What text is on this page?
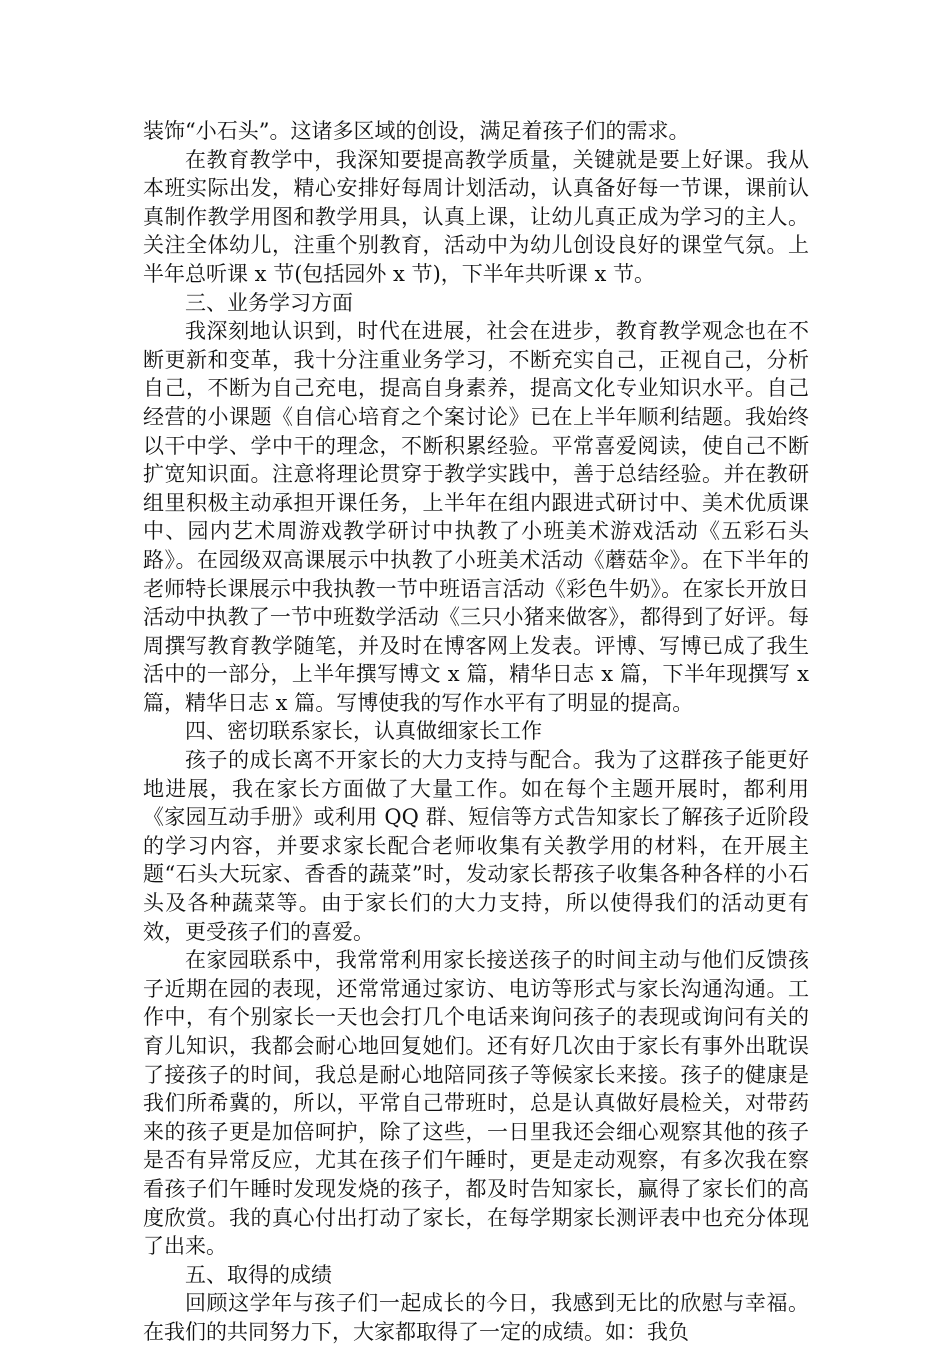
装饰“小石头”。这诸多区域的创设，满足着孩子们的需求。

在教育教学中，我深知要提高教学质量，关键就是要上好课。我从本班实际出发，精心安排好每周计划活动，认真备好每一节课，课前认真制作教学用图和教学用具，认真上课，让幼儿真正成为学习的主人。关注全体幼儿，注重个别教育，活动中为幼儿创设良好的课堂气氛。上半年总听课 x 节(包括园外 x 节)，下半年共听课 x 节。

三、业务学习方面

我深刻地认识到，时代在进展，社会在进步，教育教学观念也在不断更新和变革，我十分注重业务学习，不断充实自己，正视自己，分析自己，不断为自己充电，提高自身素养，提高文化专业知识水平。自己经营的小课题《自信心培育之个案讨论》已在上半年顺利结题。我始终以干中学、学中干的理念，不断积累经验。平常喜爱阅读，使自己不断扩宽知识面。注意将理论贯穿于教学实践中，善于总结经验。并在教研组里积极主动承担开课任务，上半年在组内跟进式研讨中、美术优质课中、园内艺术周游戏教学研讨中执教了小班美术游戏活动《五彩石头路》。在园级双高课展示中执教了小班美术活动《蘑菇伞》。在下半年的老师特长课展示中我执教一节中班语言活动《彩色牛奶》。在家长开放日活动中执教了一节中班数学活动《三只小猪来做客》，都得到了好评。每周撰写教育教学随笔，并及时在博客网上发表。评博、写博已成了我生活中的一部分，上半年撰写博文 x 篇，精华日志 x 篇，下半年现撰写 x 篇，精华日志 x 篇。写博使我的写作水平有了明显的提高。

四、密切联系家长，认真做细家长工作

孩子的成长离不开家长的大力支持与配合。我为了这群孩子能更好地进展，我在家长方面做了大量工作。如在每个主题开展时，都利用《家园互动手册》或利用 QQ 群、短信等方式告知家长了解孩子近阶段的学习内容，并要求家长配合老师收集有关教学用的材料，在开展主题“石头大玩家、香香的蔬菜”时，发动家长帮孩子收集各种各样的小石头及各种蔬菜等。由于家长们的大力支持，所以使得我们的活动更有效，更受孩子们的喜爱。

在家园联系中，我常常利用家长接送孩子的时间主动与他们反馈孩子近期在园的表现，还常常通过家访、电访等形式与家长沟通沟通。工作中，有个别家长一天也会打几个电话来询问孩子的表现或询问有关的育儿知识，我都会耐心地回复她们。还有好几次由于家长有事外出耽误了接孩子的时间，我总是耐心地陪同孩子等候家长来接。孩子的健康是我们所希冀的，所以，平常自己带班时，总是认真做好晨检关，对带药来的孩子更是加倍呵护，除了这些，一日里我还会细心观察其他的孩子是否有异常反应，尤其在孩子们午睡时，更是走动观察，有多次我在察看孩子们午睡时发现发烧的孩子，都及时告知家长，赢得了家长们的高度欣赏。我的真心付出打动了家长，在每学期家长测评表中也充分体现了出来。

五、取得的成绩

回顾这学年与孩子们一起成长的今日，我感到无比的欣慰与幸福。在我们的共同努力下，大家都取得了一定的成绩。如：我负
